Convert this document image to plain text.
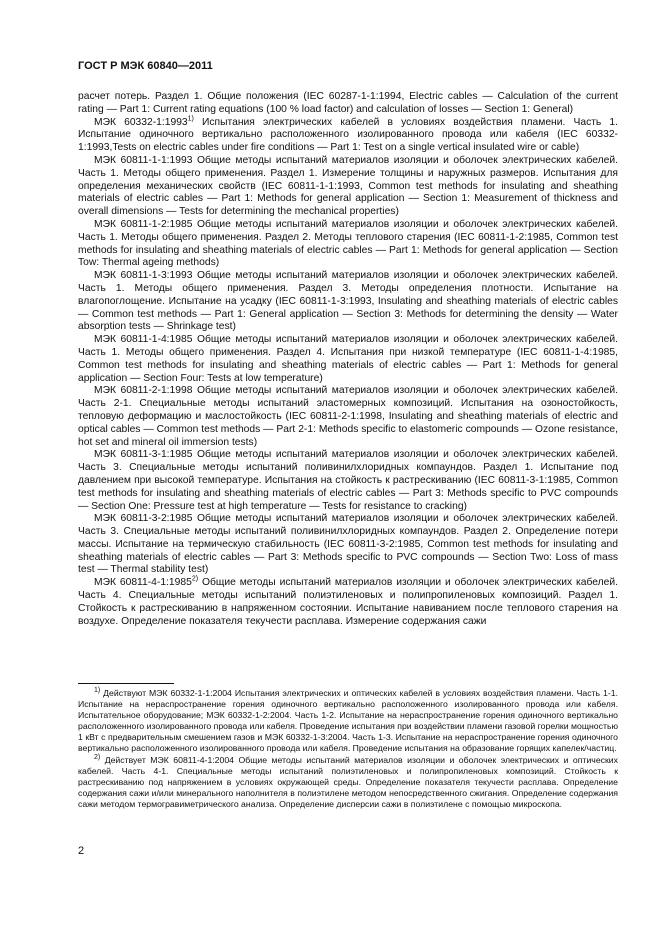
ГОСТ Р МЭК 60840—2011

расчет потерь. Раздел 1. Общие положения (IEC 60287-1-1:1994, Electric cables — Calculation of the current rating — Part 1: Current rating equations (100 % load factor) and calculation of losses — Section 1: General)

МЭК 60332-1:1993$^{1)}$ Испытания электрических кабелей в условиях воздействия пламени. Часть 1. Испытание одиночного вертикально расположенного изолированного провода или кабеля (IEC 60332-1:1993,Tests on electric cables under fire conditions — Part 1: Test on a single vertical insulated wire or cable)

МЭК 60811-1-1:1993 Общие методы испытаний материалов изоляции и оболочек электрических кабелей. Часть 1. Методы общего применения. Раздел 1. Измерение толщины и наружных размеров. Испытания для определения механических свойств (IEC 60811-1-1:1993, Common test methods for insulating and sheathing materials of electric cables — Part 1: Methods for general application — Section 1: Measurement of thickness and overall dimensions — Tests for determining the mechanical properties)

МЭК 60811-1-2:1985 Общие методы испытаний материалов изоляции и оболочек электрических кабелей. Часть 1. Методы общего применения. Раздел 2. Методы теплового старения (IEC 60811-1-2:1985, Common test methods for insulating and sheathing materials of electric cables — Part 1: Methods for general application — Section Tow: Thermal ageing methods)

МЭК 60811-1-3:1993 Общие методы испытаний материалов изоляции и оболочек электрических кабелей. Часть 1. Методы общего применения. Раздел 3. Методы определения плотности. Испытание на влагопоглощение. Испытание на усадку (IEC 60811-1-3:1993, Insulating and sheathing materials of electric cables — Common test methods — Part 1: General application — Section 3: Methods for determining the density — Water absorption tests — Shrinkage test)

МЭК 60811-1-4:1985 Общие методы испытаний материалов изоляции и оболочек электрических кабелей. Часть 1. Методы общего применения. Раздел 4. Испытания при низкой температуре (IEC 60811-1-4:1985, Common test methods for insulating and sheathing materials of electric cables — Part 1: Methods for general application — Section Four: Tests at low temperature)

МЭК 60811-2-1:1998 Общие методы испытаний материалов изоляции и оболочек электрических кабелей. Часть 2-1. Специальные методы испытаний эластомерных композиций. Испытания на озоностойкость, тепловую деформацию и маслостойкость (IEC 60811-2-1:1998, Insulating and sheathing materials of electric and optical cables — Common test methods — Part 2-1: Methods specific to elastomeric compounds — Ozone resistance, hot set and mineral oil immersion tests)

МЭК 60811-3-1:1985 Общие методы испытаний материалов изоляции и оболочек электрических кабелей. Часть 3. Специальные методы испытаний поливинилхлоридных компаундов. Раздел 1. Испытание под давлением при высокой температуре. Испытания на стойкость к растрескиванию (IEC 60811-3-1:1985, Common test methods for insulating and sheathing materials of electric cables — Part 3: Methods specific to PVC compounds — Section One: Pressure test at high temperature — Tests for resistance to cracking)

МЭК 60811-3-2:1985 Общие методы испытаний материалов изоляции и оболочек электрических кабелей. Часть 3. Специальные методы испытаний поливинилхлоридных компаундов. Раздел 2. Определение потери массы. Испытание на термическую стабильность (IEC 60811-3-2:1985, Common test methods for insulating and sheathing materials of electric cables — Part 3: Methods specific to PVC compounds — Section Two: Loss of mass test — Thermal stability test)

МЭК 60811-4-1:1985$^{2)}$ Общие методы испытаний материалов изоляции и оболочек электрических кабелей. Часть 4. Специальные методы испытаний полиэтиленовых и полипропиленовых композиций. Раздел 1. Стойкость к растрескиванию в напряженном состоянии. Испытание навиванием после теплового старения на воздухе. Определение показателя текучести расплава. Измерение содержания сажи

$^{1)}$ Действуют МЭК 60332-1-1:2004 Испытания электрических и оптических кабелей в условиях воздействия пламени. Часть 1-1. Испытание на нераспространение горения одиночного вертикально расположенного изолированного провода или кабеля. Испытательное оборудование; МЭК 60332-1-2:2004. Часть 1-2. Испытание на нераспространение горения одиночного вертикально расположенного изолированного провода или кабеля. Проведение испытания при воздействии пламени газовой горелки мощностью 1 кВт с предварительным смешением газов и МЭК 60332-1-3:2004. Часть 1-3. Испытание на нераспространение горения одиночного вертикально расположенного изолированного провода или кабеля. Проведение испытания на образование горящих капелек/частиц.

$^{2)}$ Действует МЭК 60811-4-1:2004 Общие методы испытаний материалов изоляции и оболочек электрических и оптических кабелей. Часть 4-1. Специальные методы испытаний полиэтиленовых и полипропиленовых композиций. Стойкость к растрескиванию под напряжением в условиях окружающей среды. Определение показателя текучести расплава. Определение содержания сажи и/или минерального наполнителя в полиэтилене методом непосредственного сжигания. Определение содержания сажи методом термогравиметрического анализа. Определение дисперсии сажи в полиэтилене с помощью микроскопа.

2
